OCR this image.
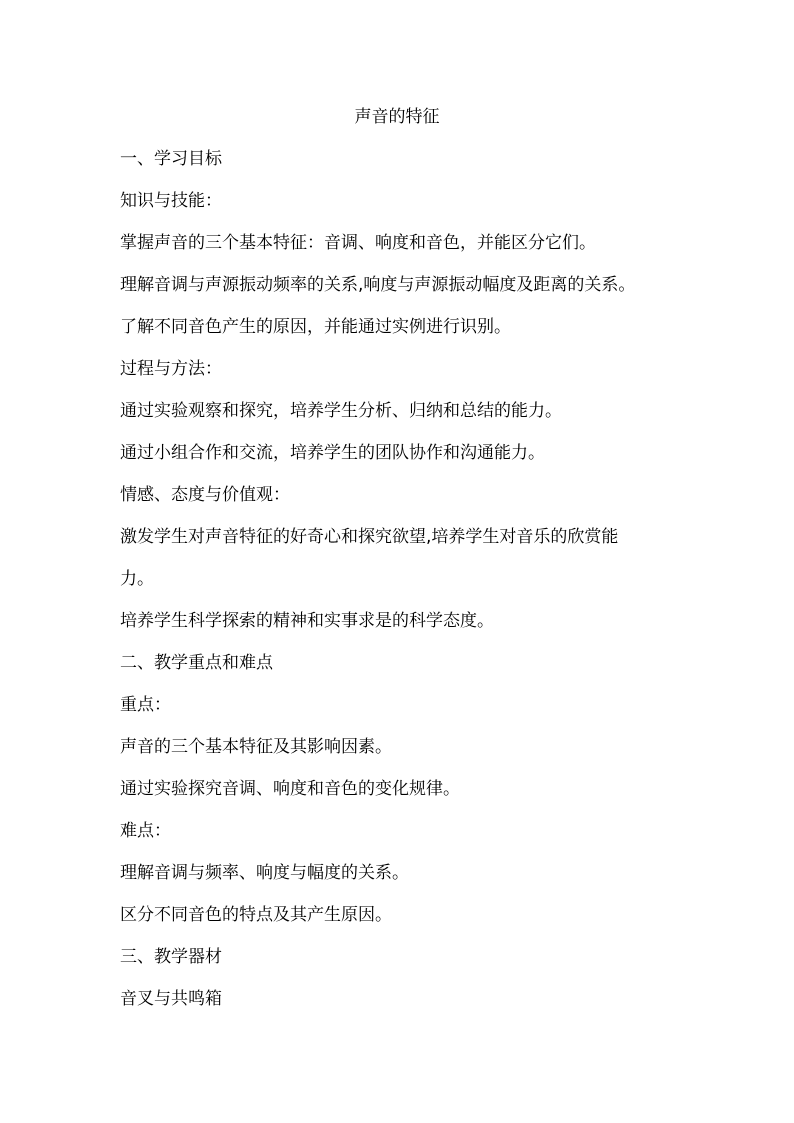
声音的特征
一、学习目标
知识与技能：
掌握声音的三个基本特征：音调、响度和音色，并能区分它们。
理解音调与声源振动频率的关系,响度与声源振动幅度及距离的关系。
了解不同音色产生的原因，并能通过实例进行识别。
过程与方法：
通过实验观察和探究，培养学生分析、归纳和总结的能力。
通过小组合作和交流，培养学生的团队协作和沟通能力。
情感、态度与价值观：
激发学生对声音特征的好奇心和探究欲望,培养学生对音乐的欣赏能
力。
培养学生科学探索的精神和实事求是的科学态度。
二、教学重点和难点
重点：
声音的三个基本特征及其影响因素。
通过实验探究音调、响度和音色的变化规律。
难点：
理解音调与频率、响度与幅度的关系。
区分不同音色的特点及其产生原因。
三、教学器材
音叉与共鸣箱
